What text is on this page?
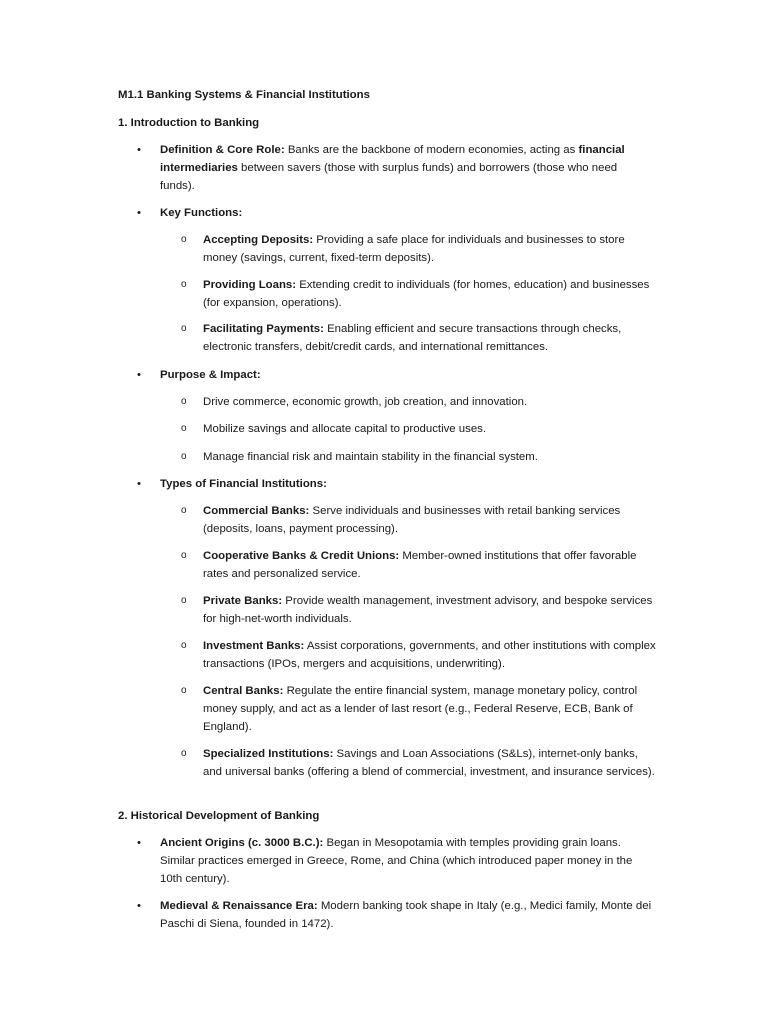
M1.1 Banking Systems & Financial Institutions
1. Introduction to Banking
• Definition & Core Role: Banks are the backbone of modern economies, acting as financial intermediaries between savers (those with surplus funds) and borrowers (those who need funds).
• Key Functions:
o Accepting Deposits: Providing a safe place for individuals and businesses to store money (savings, current, fixed-term deposits).
o Providing Loans: Extending credit to individuals (for homes, education) and businesses (for expansion, operations).
o Facilitating Payments: Enabling efficient and secure transactions through checks, electronic transfers, debit/credit cards, and international remittances.
• Purpose & Impact:
o Drive commerce, economic growth, job creation, and innovation.
o Mobilize savings and allocate capital to productive uses.
o Manage financial risk and maintain stability in the financial system.
• Types of Financial Institutions:
o Commercial Banks: Serve individuals and businesses with retail banking services (deposits, loans, payment processing).
o Cooperative Banks & Credit Unions: Member-owned institutions that offer favorable rates and personalized service.
o Private Banks: Provide wealth management, investment advisory, and bespoke services for high-net-worth individuals.
o Investment Banks: Assist corporations, governments, and other institutions with complex transactions (IPOs, mergers and acquisitions, underwriting).
o Central Banks: Regulate the entire financial system, manage monetary policy, control money supply, and act as a lender of last resort (e.g., Federal Reserve, ECB, Bank of England).
o Specialized Institutions: Savings and Loan Associations (S&Ls), internet-only banks, and universal banks (offering a blend of commercial, investment, and insurance services).
2. Historical Development of Banking
• Ancient Origins (c. 3000 B.C.): Began in Mesopotamia with temples providing grain loans. Similar practices emerged in Greece, Rome, and China (which introduced paper money in the 10th century).
• Medieval & Renaissance Era: Modern banking took shape in Italy (e.g., Medici family, Monte dei Paschi di Siena, founded in 1472).
